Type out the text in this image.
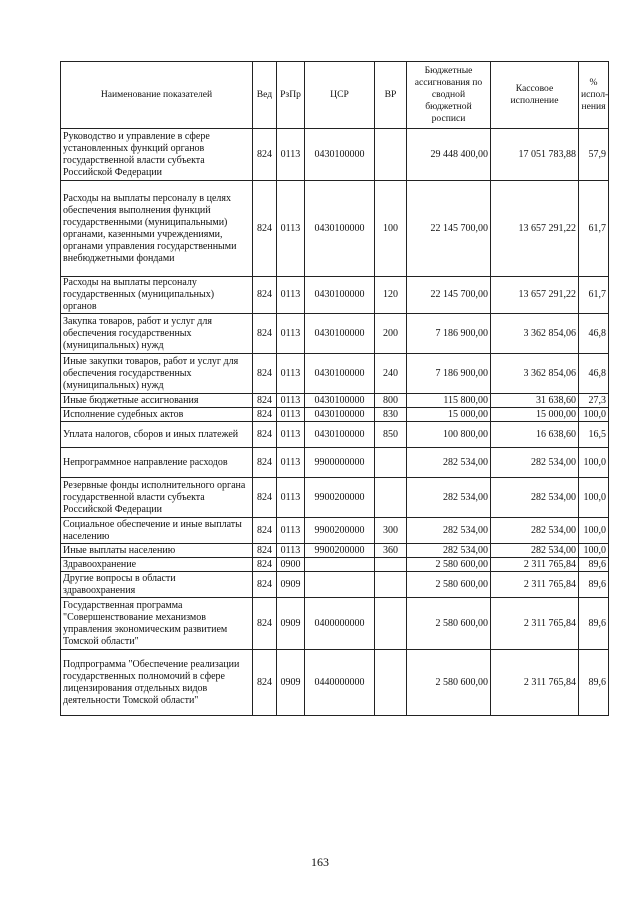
Наименование показателей	Вед	РзПр	ЦСР	ВР	Бюджетные ассигнования по сводной бюджетной росписи	Кассовое исполнение	% испол-нения
Руководство и управление в сфере установленных функций органов государственной власти субъекта Российской Федерации	824	0113	0430100000		29 448 400,00	17 051 783,88	57,9
Расходы на выплаты персоналу в целях обеспечения выполнения функций государственными (муниципальными) органами, казенными учреждениями, органами управления государственными внебюджетными фондами	824	0113	0430100000	100	22 145 700,00	13 657 291,22	61,7
Расходы на выплаты персоналу государственных (муниципальных) органов	824	0113	0430100000	120	22 145 700,00	13 657 291,22	61,7
Закупка товаров, работ и услуг для обеспечения государственных (муниципальных) нужд	824	0113	0430100000	200	7 186 900,00	3 362 854,06	46,8
Иные закупки товаров, работ и услуг для обеспечения государственных (муниципальных) нужд	824	0113	0430100000	240	7 186 900,00	3 362 854,06	46,8
Иные бюджетные ассигнования	824	0113	0430100000	800	115 800,00	31 638,60	27,3
Исполнение судебных актов	824	0113	0430100000	830	15 000,00	15 000,00	100,0
Уплата налогов, сборов и иных платежей	824	0113	0430100000	850	100 800,00	16 638,60	16,5
Непрограммное направление расходов	824	0113	9900000000		282 534,00	282 534,00	100,0
Резервные фонды исполнительного органа государственной власти субъекта Российской Федерации	824	0113	9900200000		282 534,00	282 534,00	100,0
Социальное обеспечение и иные выплаты населению	824	0113	9900200000	300	282 534,00	282 534,00	100,0
Иные выплаты населению	824	0113	9900200000	360	282 534,00	282 534,00	100,0
Здравоохранение	824	0900			2 580 600,00	2 311 765,84	89,6
Другие вопросы в области здравоохранения	824	0909			2 580 600,00	2 311 765,84	89,6
Государственная программа "Совершенствование механизмов управления экономическим развитием Томской области"	824	0909	0400000000		2 580 600,00	2 311 765,84	89,6
Подпрограмма "Обеспечение реализации государственных полномочий в сфере лицензирования отдельных видов деятельности Томской области"	824	0909	0440000000		2 580 600,00	2 311 765,84	89,6
163
